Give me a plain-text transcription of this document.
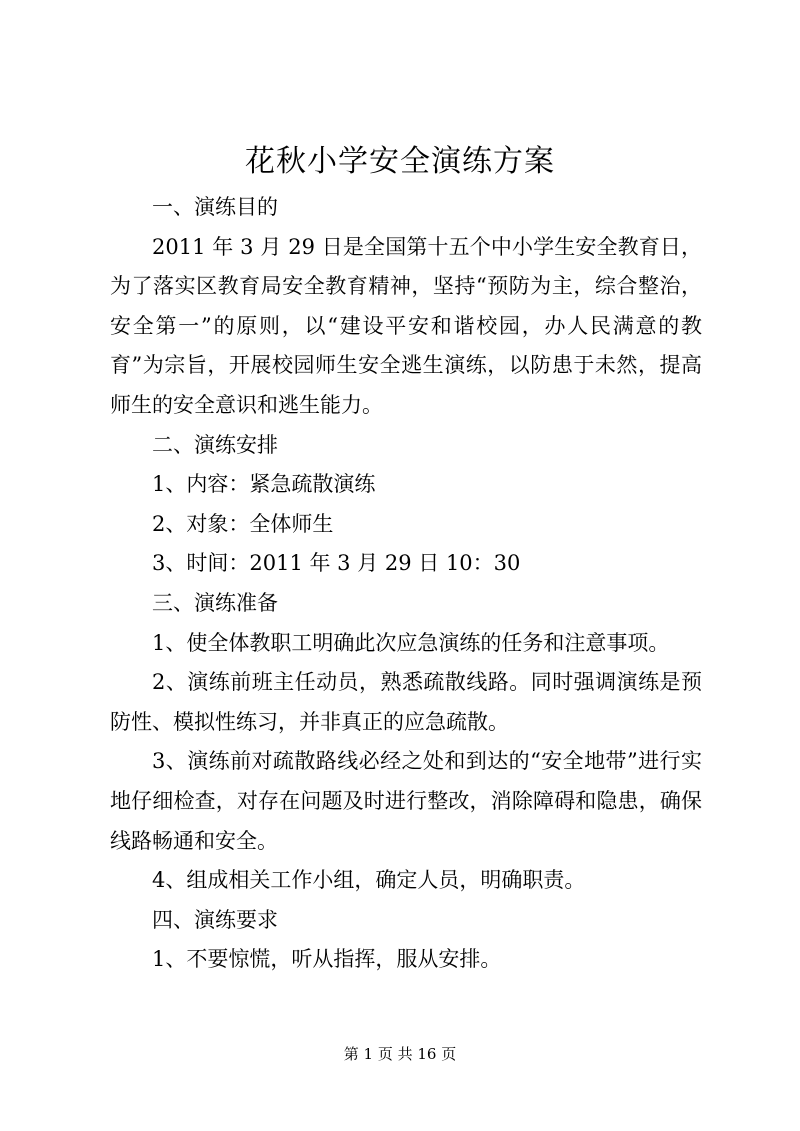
花秋小学安全演练方案

一、演练目的

2011 年 3 月 29 日是全国第十五个中小学生安全教育日，为了落实区教育局安全教育精神，坚持“预防为主，综合整治，安全第一”的原则，以“建设平安和谐校园，办人民满意的教育”为宗旨，开展校园师生安全逃生演练，以防患于未然，提高师生的安全意识和逃生能力。

二、演练安排

1、内容：紧急疏散演练

2、对象：全体师生

3、时间：2011 年 3 月 29 日 10：30

三、演练准备

1、使全体教职工明确此次应急演练的任务和注意事项。

2、演练前班主任动员，熟悉疏散线路。同时强调演练是预防性、模拟性练习，并非真正的应急疏散。

3、演练前对疏散路线必经之处和到达的“安全地带”进行实地仔细检查，对存在问题及时进行整改，消除障碍和隐患，确保线路畅通和安全。

4、组成相关工作小组，确定人员，明确职责。

四、演练要求

1、不要惊慌，听从指挥，服从安排。

第 1 页 共 16 页
